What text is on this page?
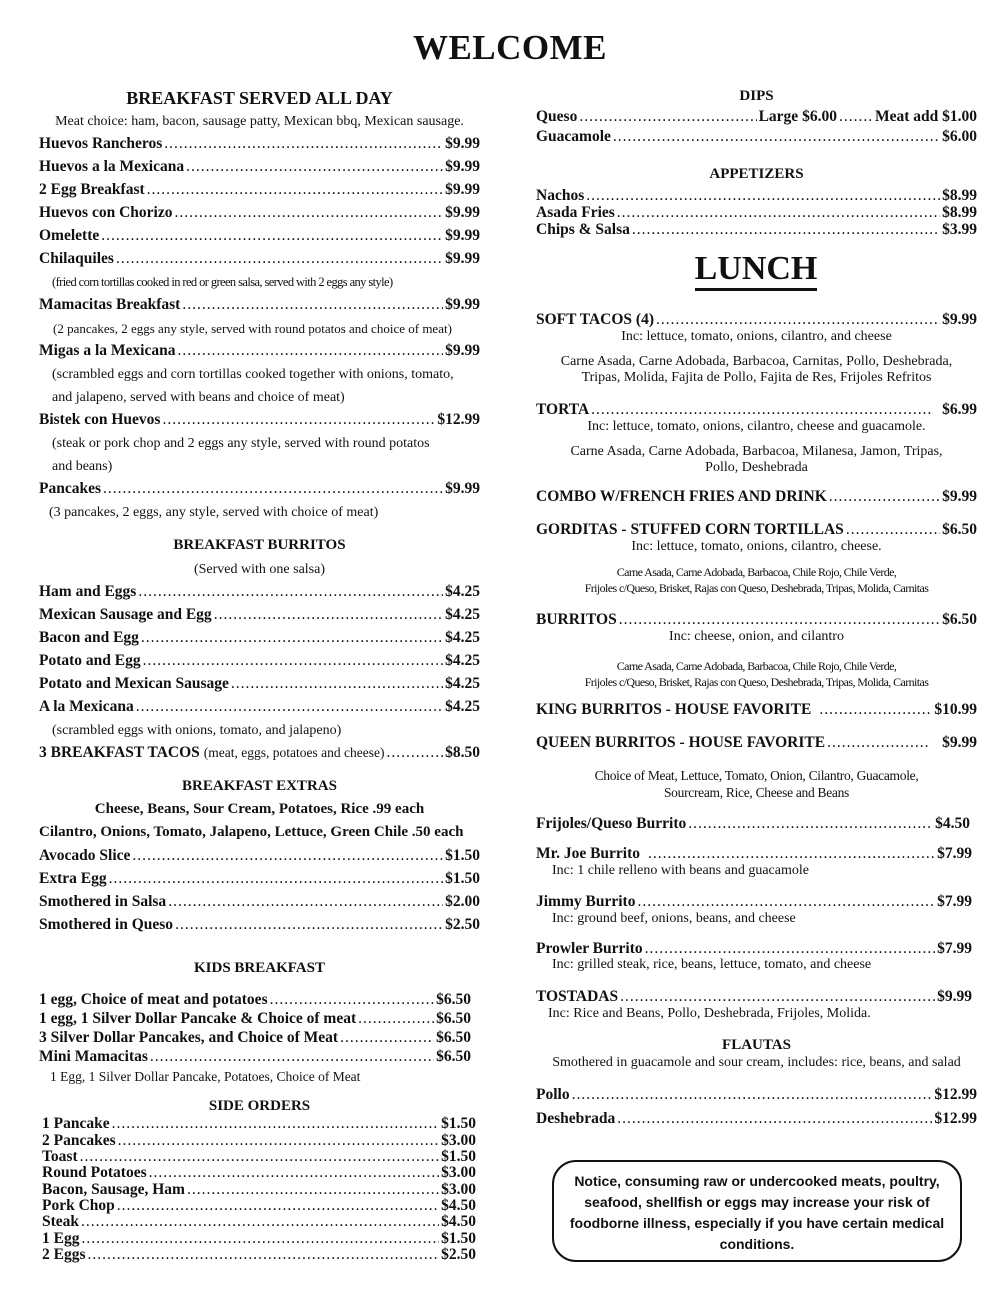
WELCOME
BREAKFAST SERVED ALL DAY
Meat choice: ham, bacon, sausage patty, Mexican bbq, Mexican sausage.
Huevos Rancheros .....	$9.99
Huevos a la Mexicana .....	$9.99
2 Egg Breakfast .....	$9.99
Huevos con Chorizo .....	$9.99
Omelette .....	$9.99
Chilaquiles .....	$9.99
(fried corn tortillas cooked in red or green salsa, served with 2 eggs any style)
Mamacitas Breakfast .....	$9.99
(2 pancakes, 2 eggs any style, served with round potatos and choice of meat)
Migas a la Mexicana .....	$9.99
(scrambled eggs and corn tortillas cooked together with onions, tomato,
and jalapeno, served with beans and choice of meat)
Bistek con Huevos .....	$12.99
(steak or pork chop and 2 eggs any style, served with round potatos
and beans)
Pancakes .....	$9.99
(3 pancakes, 2 eggs, any style, served with choice of meat)
BREAKFAST BURRITOS
(Served with one salsa)
Ham and Eggs .....	$4.25
Mexican Sausage and Egg .....	$4.25
Bacon and Egg .....	$4.25
Potato and Egg .....	$4.25
Potato and Mexican Sausage .....	$4.25
A la Mexicana .....	$4.25
(scrambled eggs with onions, tomato, and jalapeno)
3 BREAKFAST TACOS (meat, eggs, potatoes and cheese) .....	$8.50
BREAKFAST EXTRAS
Cheese, Beans, Sour Cream, Potatoes, Rice .99 each
Cilantro, Onions, Tomato, Jalapeno, Lettuce, Green Chile .50 each
Avocado Slice .....	$1.50
Extra Egg .....	$1.50
Smothered in Salsa .....	$2.00
Smothered in Queso .....	$2.50
KIDS BREAKFAST
1 egg, Choice of meat and potatoes .....	$6.50
1 egg, 1 Silver Dollar Pancake & Choice of meat .....	$6.50
3 Silver Dollar Pancakes, and Choice of Meat .....	$6.50
Mini Mamacitas .....	$6.50
1 Egg, 1 Silver Dollar Pancake, Potatoes, Choice of Meat
SIDE ORDERS
1 Pancake .....	$1.50
2 Pancakes .....	$3.00
Toast .....	$1.50
Round Potatoes .....	$3.00
Bacon, Sausage, Ham .....	$3.00
Pork Chop .....	$4.50
Steak .....	$4.50
1 Egg .....	$1.50
2 Eggs .....	$2.50
DIPS
Queso .....	Large $6.00 ..... Meat add $1.00
Guacamole .....	$6.00
APPETIZERS
Nachos .....	$8.99
Asada Fries .....	$8.99
Chips & Salsa .....	$3.99
SOFT TACOS (4) .....	$9.99
Inc: lettuce, tomato, onions, cilantro, and cheese
Carne Asada, Carne Adobada, Barbacoa, Carnitas, Pollo, Deshebrada,
Tripas, Molida, Fajita de Pollo, Fajita de Res, Frijoles Refritos
TORTA .....	$6.99
Inc: lettuce, tomato, onions, cilantro, cheese and guacamole.
Carne Asada, Carne Adobada, Barbacoa, Milanesa, Jamon, Tripas,
Pollo, Deshebrada
COMBO W/FRENCH FRIES AND DRINK .....	$9.99
GORDITAS - STUFFED CORN TORTILLAS .....	$6.50
Inc: lettuce, tomato, onions, cilantro, cheese.
Carne Asada, Carne Adobada, Barbacoa, Chile Rojo, Chile Verde,
Frijoles c/Queso, Brisket, Rajas con Queso, Deshebrada, Tripas, Molida, Carnitas
BURRITOS .....	$6.50
Inc: cheese, onion, and cilantro
Carne Asada, Carne Adobada, Barbacoa, Chile Rojo, Chile Verde,
Frijoles c/Queso, Brisket, Rajas con Queso, Deshebrada, Tripas, Molida, Carnitas
KING BURRITOS - HOUSE FAVORITE .....	$10.99
QUEEN BURRITOS - HOUSE FAVORITE .....	$9.99
Choice of Meat, Lettuce, Tomato, Onion, Cilantro, Guacamole,
Sourcream, Rice, Cheese and Beans
Frijoles/Queso Burrito .....	$4.50
Mr. Joe Burrito .....	$7.99
Inc: 1 chile relleno with beans and guacamole
Jimmy Burrito .....	$7.99
Inc: ground beef, onions, beans, and cheese
Prowler Burrito .....	$7.99
Inc: grilled steak, rice, beans, lettuce, tomato, and cheese
TOSTADAS .....	$9.99
Inc: Rice and Beans, Pollo, Deshebrada, Frijoles, Molida.
FLAUTAS
Smothered in guacamole and sour cream, includes: rice, beans, and salad
Pollo .....	$12.99
Deshebrada .....	$12.99
LUNCH
Notice, consuming raw or undercooked meats, poultry, seafood, shellfish or eggs may increase your risk of foodborne illness, especially if you have certain medical conditions.
